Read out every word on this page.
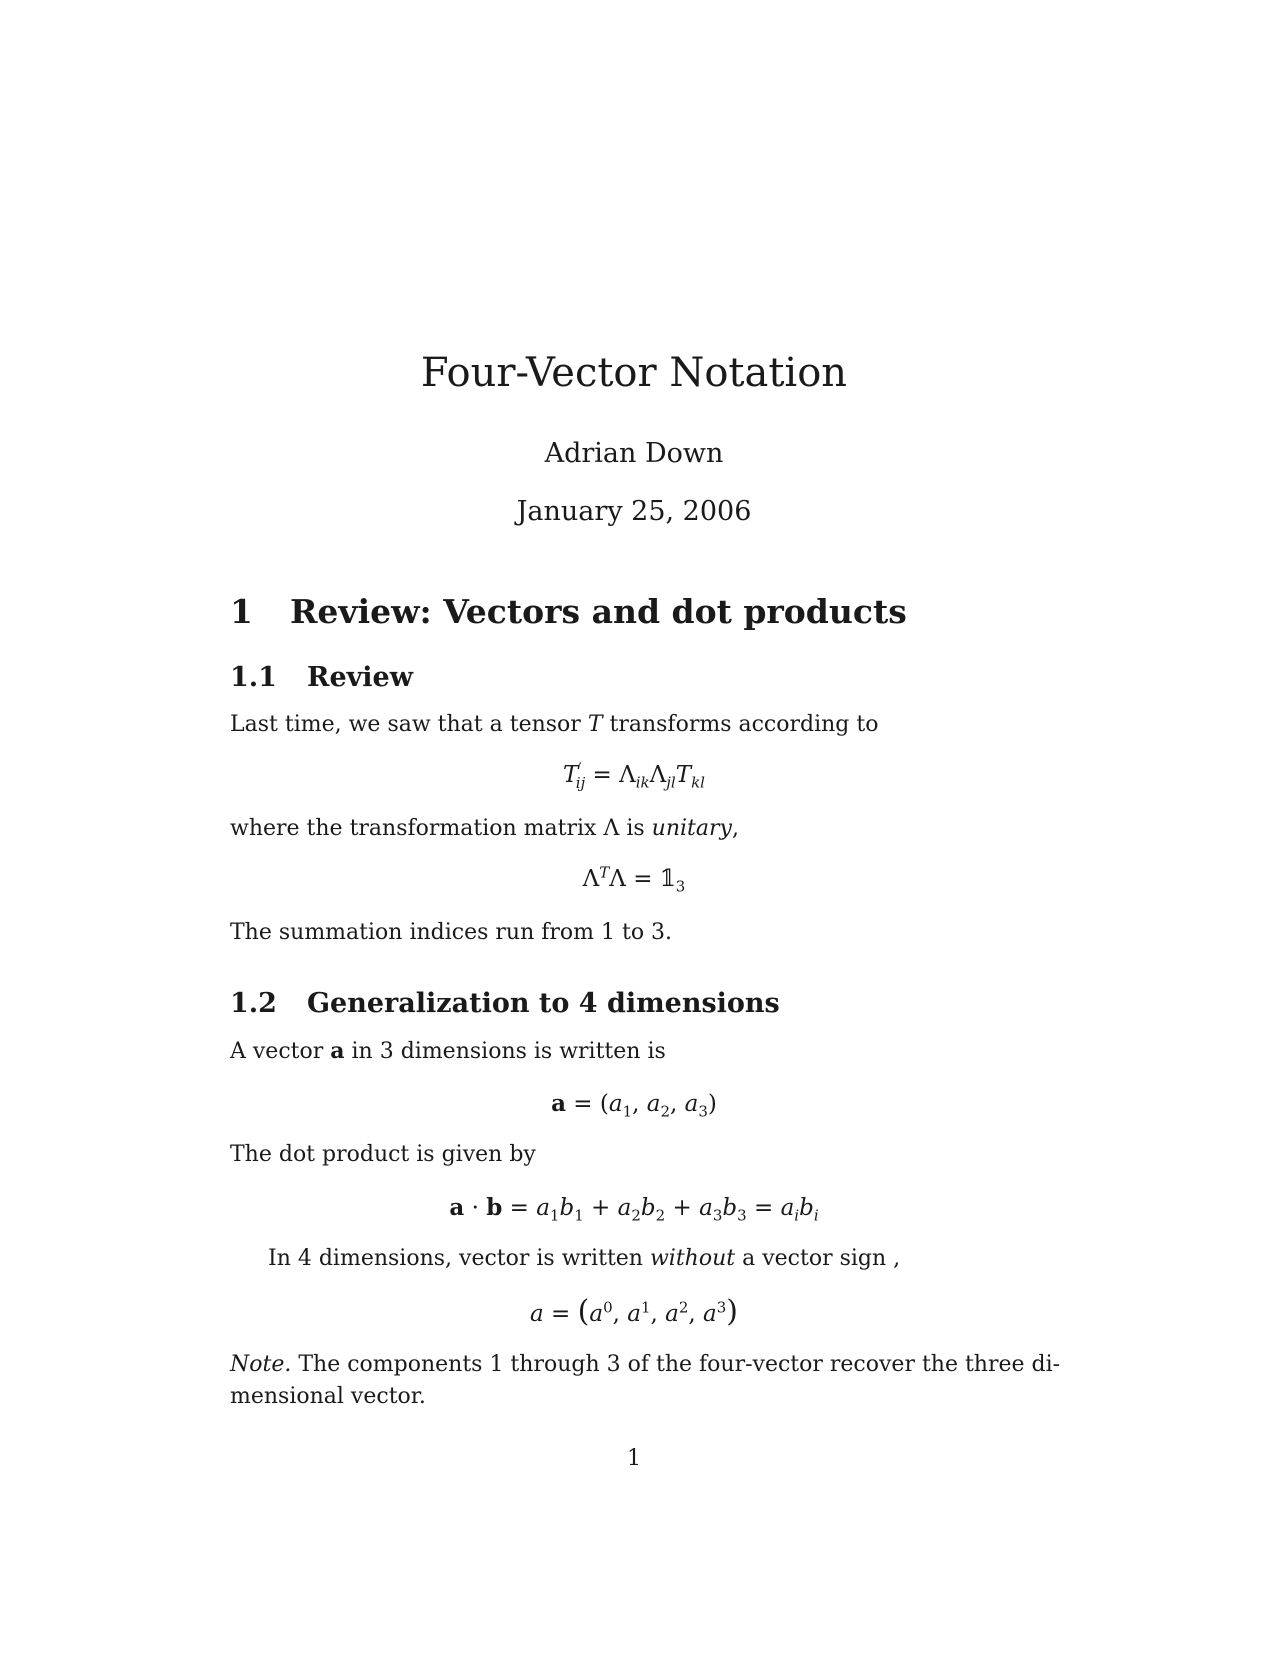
Four-Vector Notation
Adrian Down
January 25, 2006
1 Review: Vectors and dot products
1.1 Review
Last time, we saw that a tensor T transforms according to
$T'_{ij} = \Lambda_{ik}\Lambda_{jl}T_{kl}$
where the transformation matrix Λ is unitary,
$\Lambda^T\Lambda$ = $𝟙_3$
The summation indices run from 1 to 3.
1.2 Generalization to 4 dimensions
A vector a in 3 dimensions is written is
$a = (a_1$, $a_2$, $a_3$)
The dot product is given by
$a \cdot b = a_1b_1 + a_2b_2 + a_3b_3 = a_ib_i$
In 4 dimensions, vector is written without a vector sign ,
$a = (a^0$, $a^1$, $a^2$, $a^3$)
Note. The components 1 through 3 of the four-vector recover the three di-
mensional vector.
1
